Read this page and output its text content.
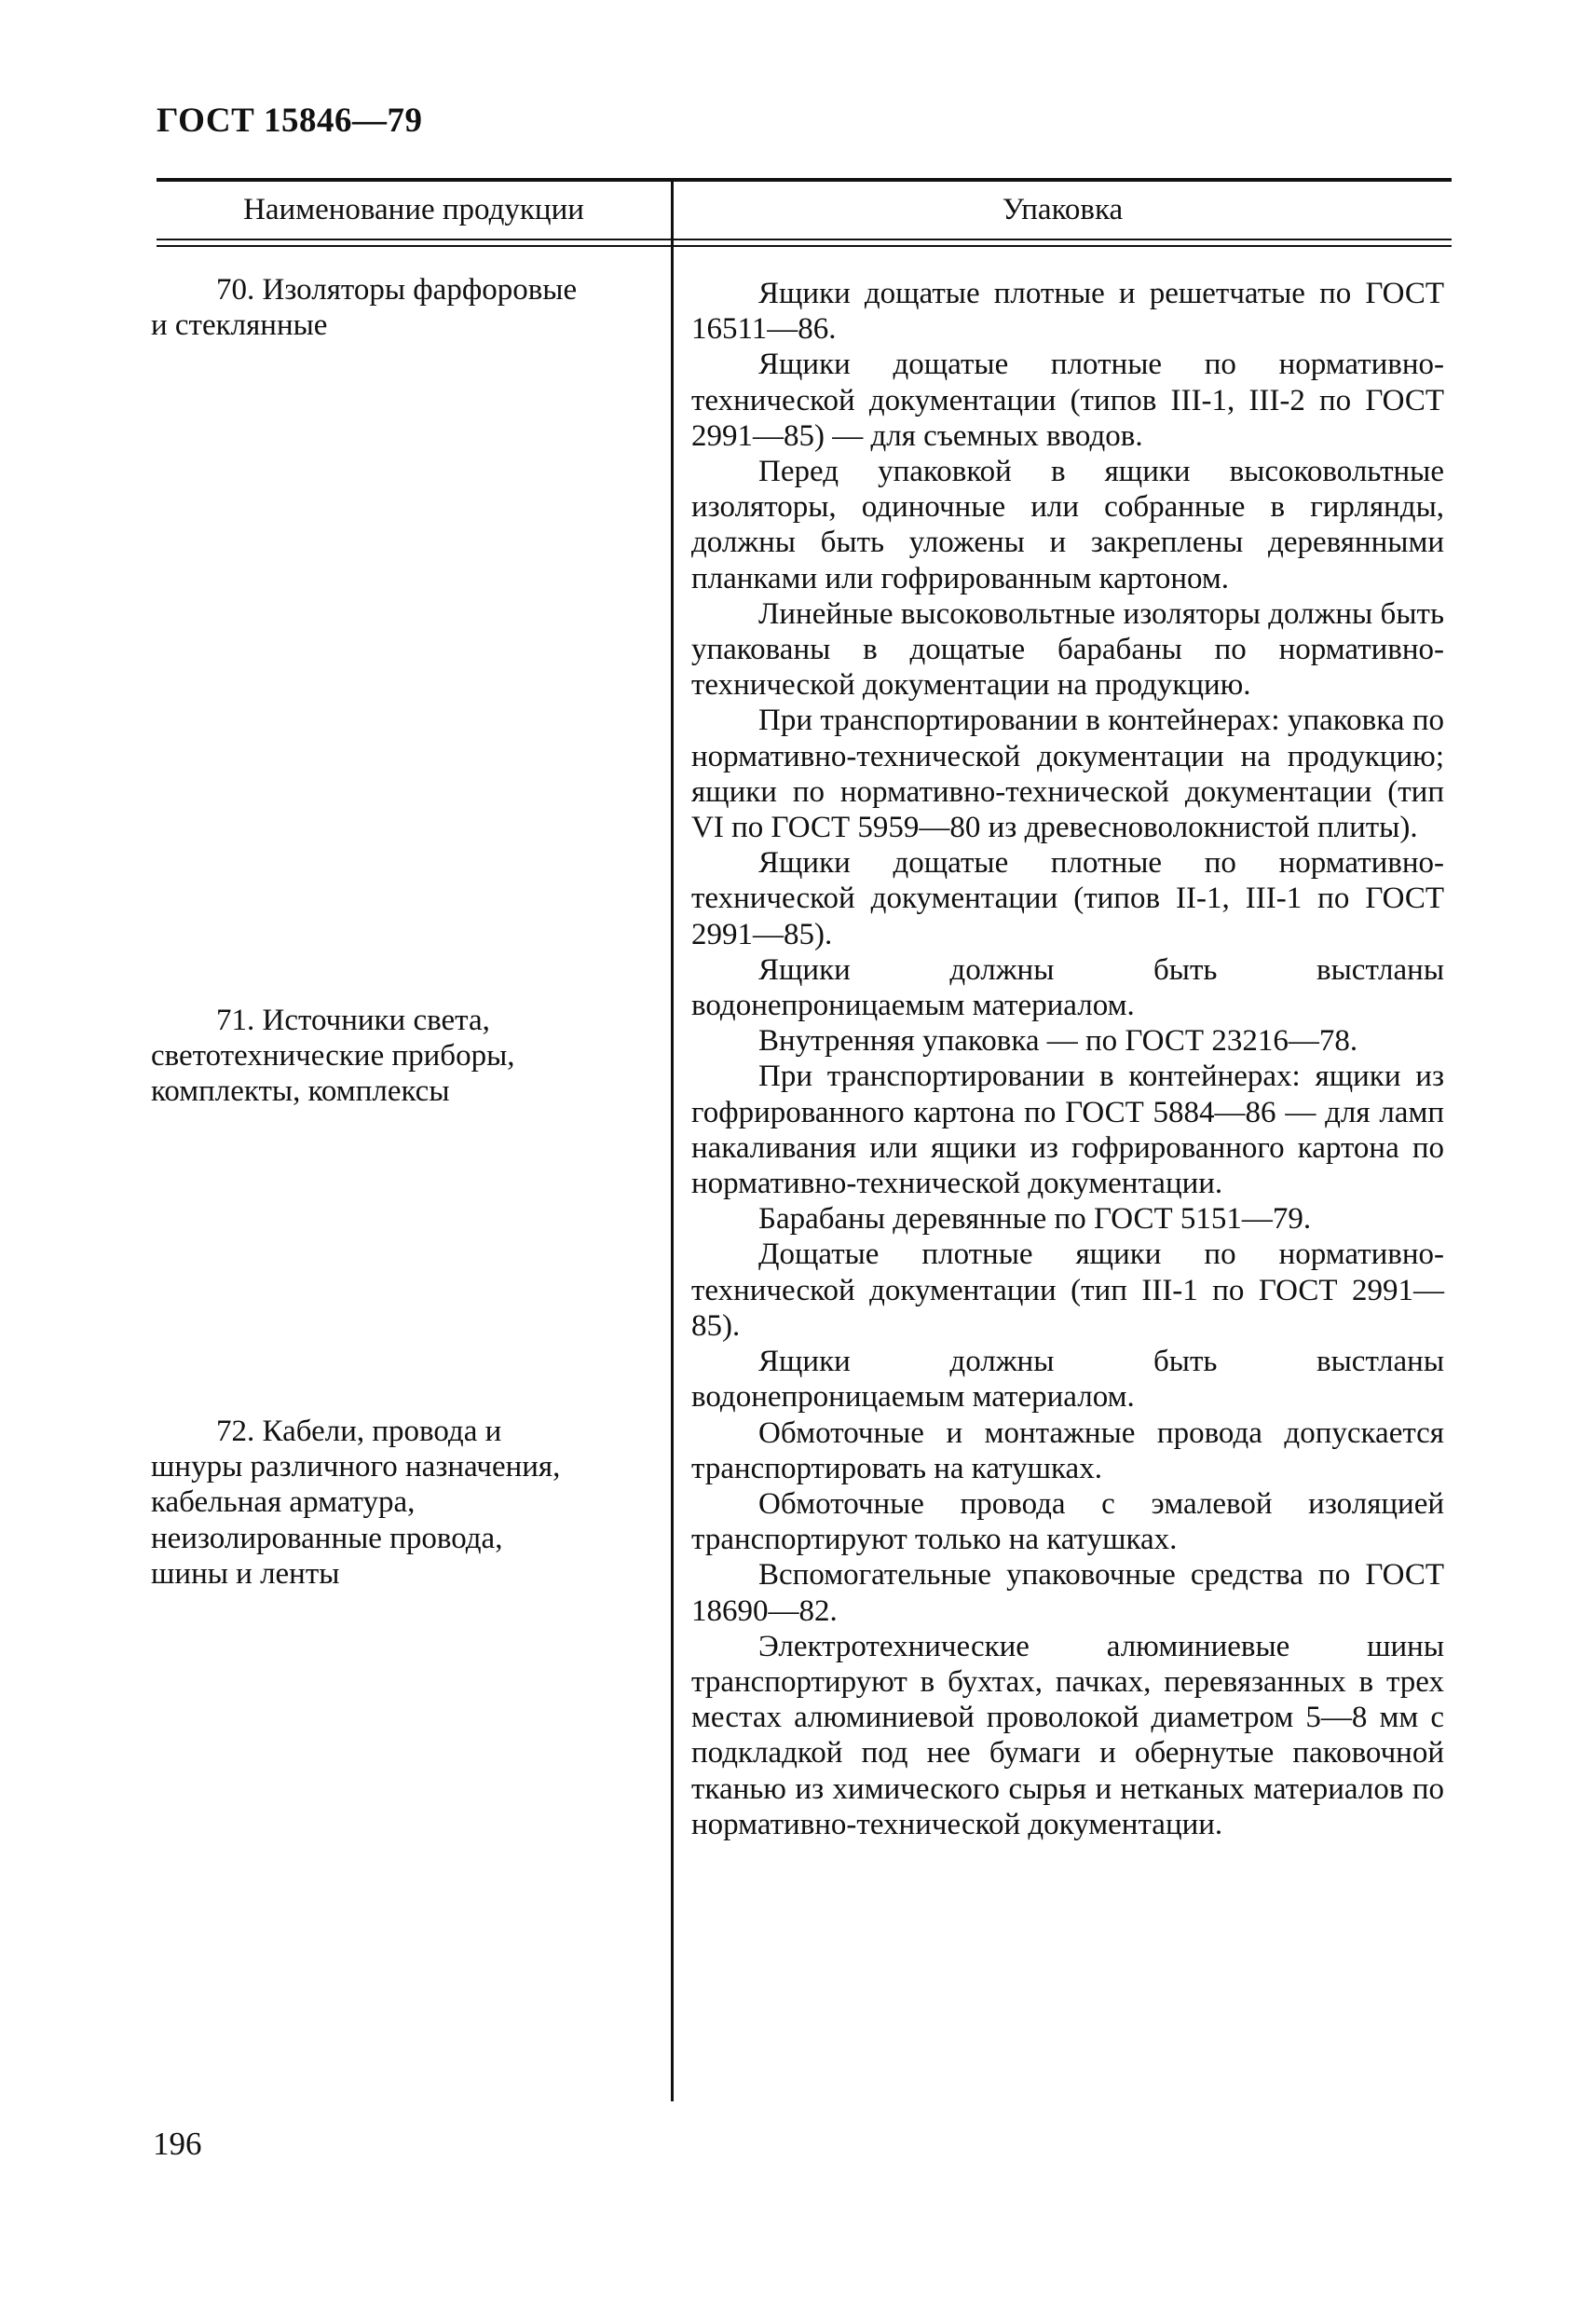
ГОСТ 15846—79
Наименование продукции	Упаковка

70. Изоляторы фарфоровые и стеклянные

71. Источники света, светотехнические приборы, комплекты, комплексы

72. Кабели, провода и шнуры различного назначения, кабельная арматура, неизолированные провода, шины и ленты

Ящики дощатые плотные и решетчатые по ГОСТ 16511—86.

Ящики дощатые плотные по нормативно-технической документации (типов III-1, III-2 по ГОСТ 2991—85) — для съемных вводов.

Перед упаковкой в ящики высоковольтные изоляторы, одиночные или собранные в гирлянды, должны быть уложены и закреплены деревянными планками или гофрированным картоном.

Линейные высоковольтные изоляторы должны быть упакованы в дощатые барабаны по нормативно-технической документации на продукцию.

При транспортировании в контейнерах: упаковка по нормативно-технической документации на продукцию; ящики по нормативно-технической документации (тип VI по ГОСТ 5959—80 из древесноволокнистой плиты).

Ящики дощатые плотные по нормативно-технической документации (типов II-1, III-1 по ГОСТ 2991—85).

Ящики должны быть выстланы водонепроницаемым материалом.

Внутренняя упаковка — по ГОСТ 23216—78.

При транспортировании в контейнерах: ящики из гофрированного картона по ГОСТ 5884—86 — для ламп накаливания или ящики из гофрированного картона по нормативно-технической документации.

Барабаны деревянные по ГОСТ 5151—79.

Дощатые плотные ящики по нормативно-технической документации (тип III-1 по ГОСТ 2991—85).

Ящики должны быть выстланы водонепроницаемым материалом.

Обмоточные и монтажные провода допускается транспортировать на катушках.

Обмоточные провода с эмалевой изоляцией транспортируют только на катушках.

Вспомогательные упаковочные средства по ГОСТ 18690—82.

Электротехнические алюминиевые шины транспортируют в бухтах, пачках, перевязанных в трех местах алюминиевой проволокой диаметром 5—8 мм с подкладкой под нее бумаги и обернутые паковочной тканью из химического сырья и нетканых материалов по нормативно-технической документации.

196
